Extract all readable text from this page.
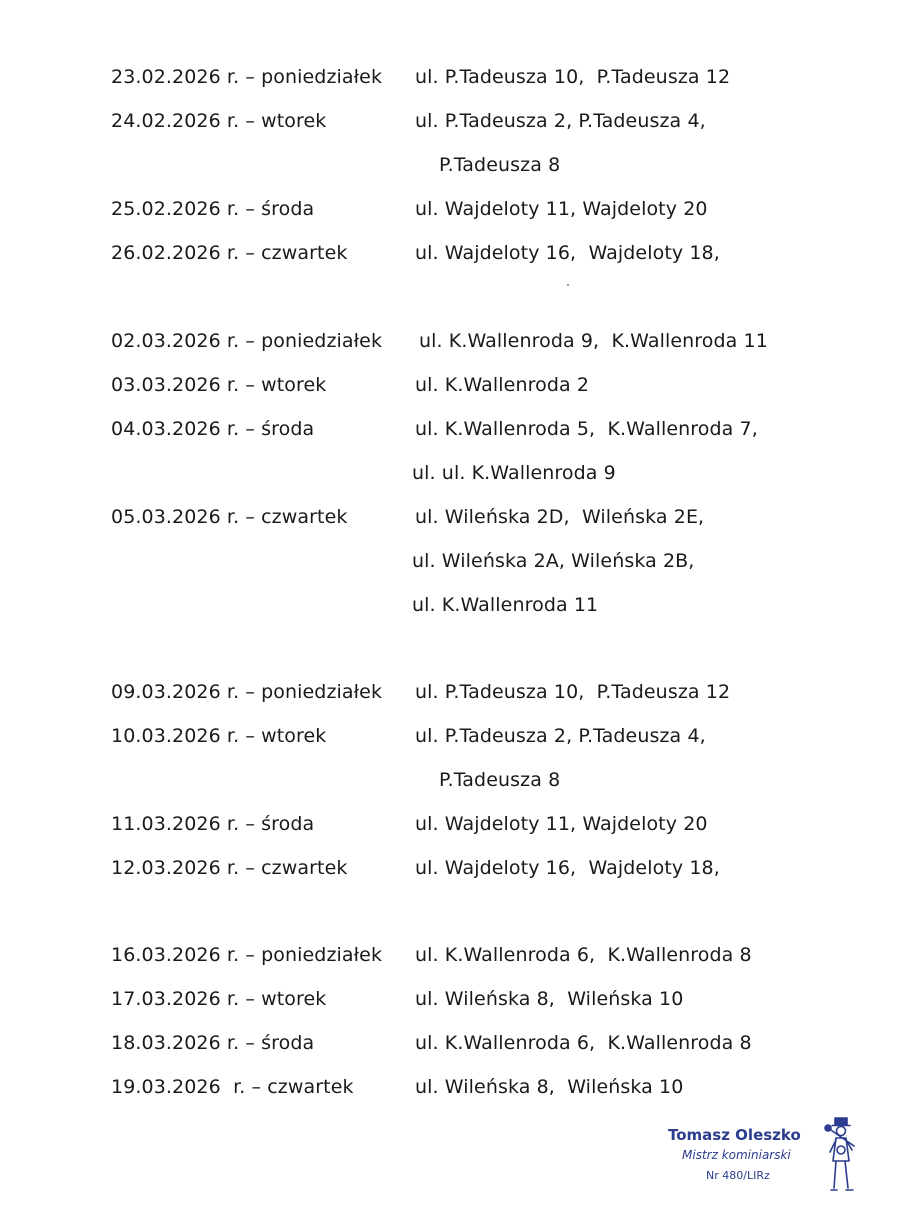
23.02.2026 r. – poniedziałek ul. P.Tadeusza 10,  P.Tadeusza 12
24.02.2026 r. – wtorek	ul. P.Tadeusza 2, P.Tadeusza 4,
P.Tadeusza 8
25.02.2026 r. – środa	ul. Wajdeloty 11, Wajdeloty 20
26.02.2026 r. – czwartek	ul. Wajdeloty 16,  Wajdeloty 18,
02.03.2026 r. – poniedziałek ul. K.Wallenroda 9,  K.Wallenroda 11
03.03.2026 r. – wtorek	ul. K.Wallenroda 2
04.03.2026 r. – środa	ul. K.Wallenroda 5,  K.Wallenroda 7,
ul. ul. K.Wallenroda 9
05.03.2026 r. – czwartek	ul. Wileńska 2D,  Wileńska 2E,
ul. Wileńska 2A, Wileńska 2B,
ul. K.Wallenroda 11
09.03.2026 r. – poniedziałek ul. P.Tadeusza 10,  P.Tadeusza 12
10.03.2026 r. – wtorek	ul. P.Tadeusza 2, P.Tadeusza 4,
P.Tadeusza 8
11.03.2026 r. – środa	ul. Wajdeloty 11, Wajdeloty 20
12.03.2026 r. – czwartek	ul. Wajdeloty 16,  Wajdeloty 18,
16.03.2026 r. – poniedziałek ul. K.Wallenroda 6,  K.Wallenroda 8
17.03.2026 r. – wtorek	ul. Wileńska 8,  Wileńska 10
18.03.2026 r. – środa	ul. K.Wallenroda 6,  K.Wallenroda 8
19.03.2026  r. – czwartek	ul. Wileńska 8,  Wileńska 10
Tomasz Oleszko
Mistrz kominiarski
Nr 480/LIRz
